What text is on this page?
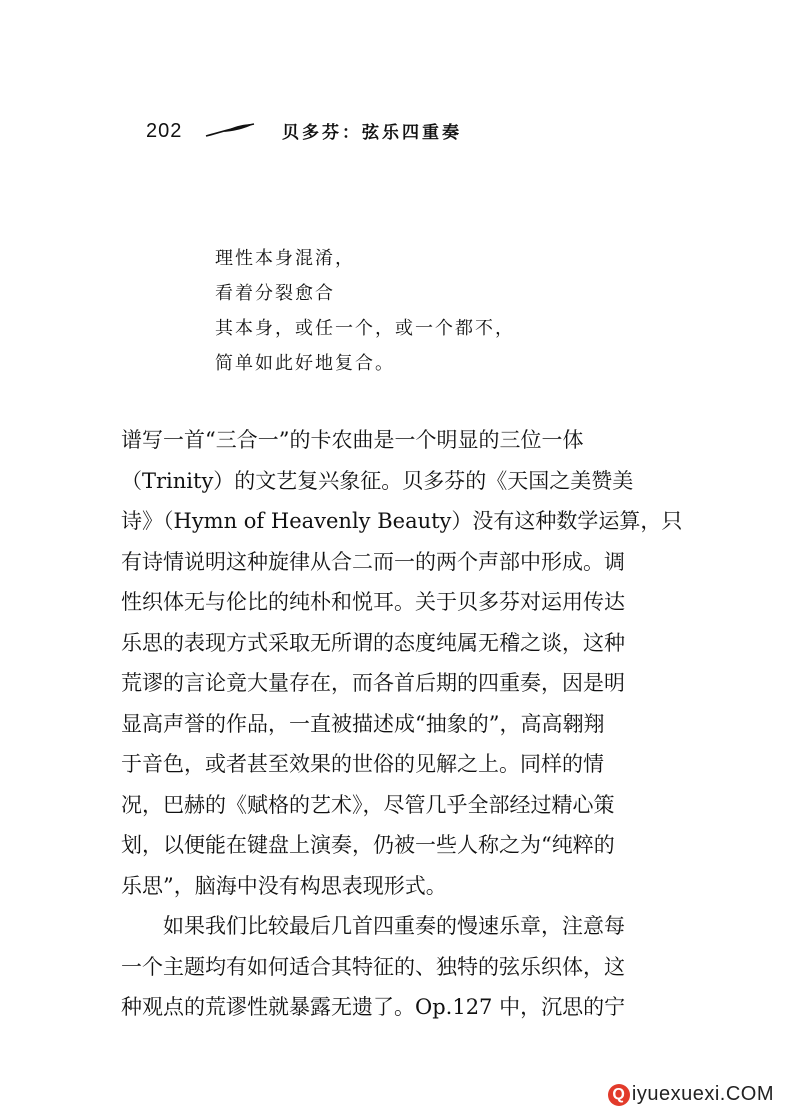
202	贝多芬：弦乐四重奏
理性本身混淆，
看着分裂愈合
其本身，或任一个，或一个都不，
简单如此好地复合。
谱写一首“三合一”的卡农曲是一个明显的三位一体
（Trinity）的文艺复兴象征。贝多芬的《天国之美赞美
诗》（Hymn of Heavenly Beauty）没有这种数学运算，只
有诗情说明这种旋律从合二而一的两个声部中形成。调
性织体无与伦比的纯朴和悦耳。关于贝多芬对运用传达
乐思的表现方式采取无所谓的态度纯属无稽之谈，这种
荒谬的言论竟大量存在，而各首后期的四重奏，因是明
显高声誉的作品，一直被描述成“抽象的”，高高翱翔
于音色，或者甚至效果的世俗的见解之上。同样的情
况，巴赫的《赋格的艺术》，尽管几乎全部经过精心策
划，以便能在键盘上演奏，仍被一些人称之为“纯粹的
乐思”，脑海中没有构思表现形式。
如果我们比较最后几首四重奏的慢速乐章，注意每
一个主题均有如何适合其特征的、独特的弦乐织体，这
种观点的荒谬性就暴露无遗了。Op.127 中，沉思的宁
Q iyuexuexi.COM
